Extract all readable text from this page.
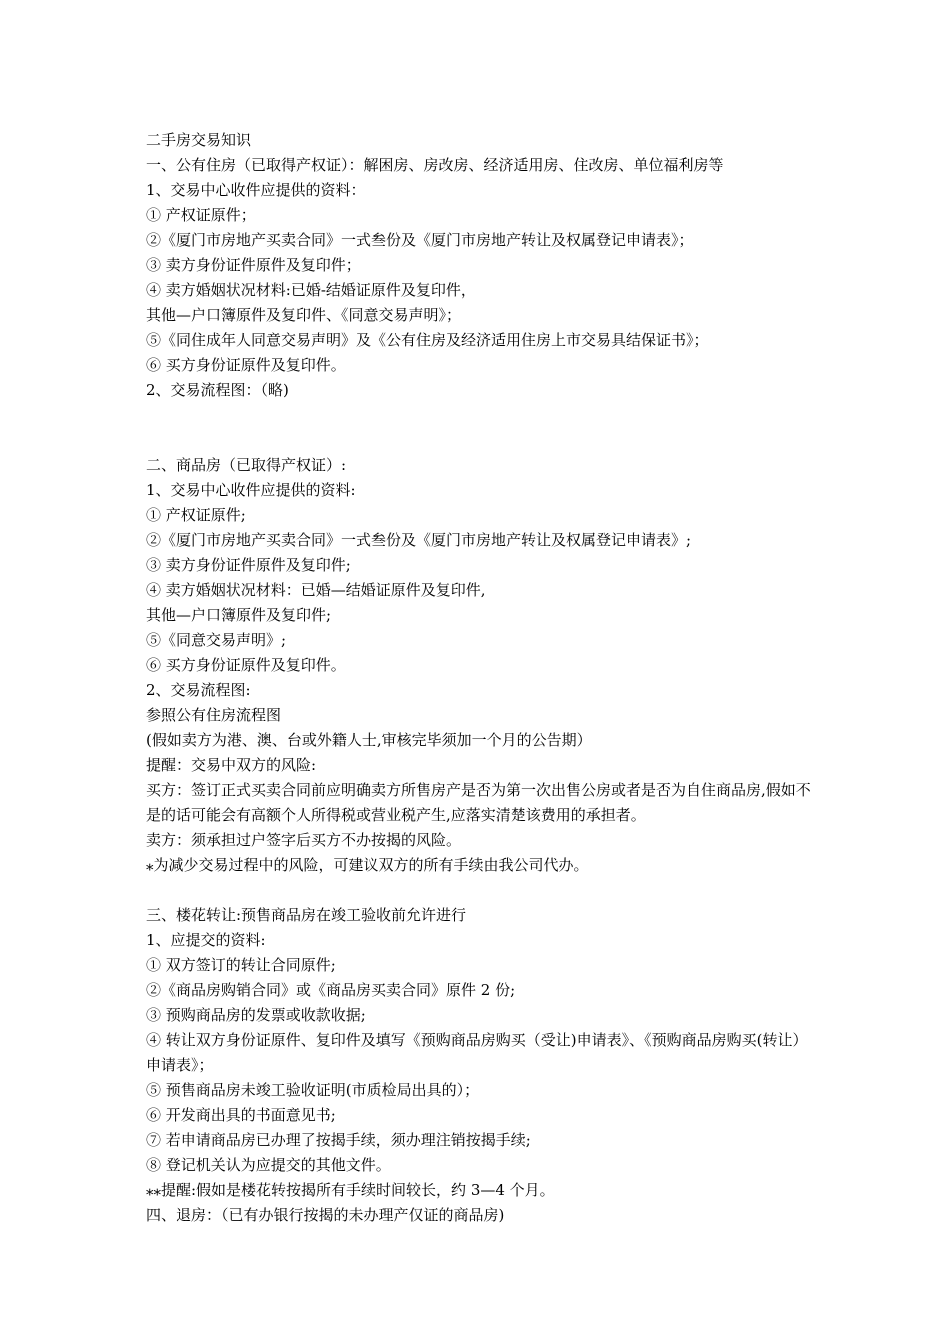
二手房交易知识

一、公有住房（已取得产权证）：解困房、房改房、经济适用房、住改房、单位福利房等

1、交易中心收件应提供的资料：

① 产权证原件；

②《厦门市房地产买卖合同》一式叁份及《厦门市房地产转让及权属登记申请表》；

③ 卖方身份证件原件及复印件；

④ 卖方婚姻状况材料:已婚-结婚证原件及复印件，

其他—户口簿原件及复印件、《同意交易声明》；

⑤《同住成年人同意交易声明》及《公有住房及经济适用住房上市交易具结保证书》；

⑥ 买方身份证原件及复印件。

2、交易流程图：（略)

二、商品房（已取得产权证）:

1、交易中心收件应提供的资料:

① 产权证原件;

②《厦门市房地产买卖合同》一式叁份及《厦门市房地产转让及权属登记申请表》;

③ 卖方身份证件原件及复印件;

④ 卖方婚姻状况材料：已婚—结婚证原件及复印件,

其他—户口簿原件及复印件;

⑤《同意交易声明》;

⑥ 买方身份证原件及复印件。

2、交易流程图:

参照公有住房流程图

(假如卖方为港、澳、台或外籍人士,审核完毕须加一个月的公告期）

提醒：交易中双方的风险:

买方：签订正式买卖合同前应明确卖方所售房产是否为第一次出售公房或者是否为自住商品房,假如不是的话可能会有高额个人所得税或营业税产生,应落实清楚该费用的承担者。

卖方：须承担过户签字后买方不办按揭的风险。

⁎为减少交易过程中的风险，可建议双方的所有手续由我公司代办。

三、楼花转让:预售商品房在竣工验收前允许进行

1、应提交的资料:

① 双方签订的转让合同原件;

②《商品房购销合同》或《商品房买卖合同》原件 2 份;

③ 预购商品房的发票或收款收据;

④ 转让双方身份证原件、复印件及填写《预购商品房购买（受让)申请表》、《预购商品房购买(转让）申请表》；

⑤ 预售商品房未竣工验收证明(市质检局出具的）；

⑥ 开发商出具的书面意见书;

⑦ 若申请商品房已办理了按揭手续，须办理注销按揭手续;

⑧ 登记机关认为应提交的其他文件。

⁎⁎提醒:假如是楼花转按揭所有手续时间较长，约 3—4 个月。

四、退房：（已有办银行按揭的未办理产仅证的商品房)
